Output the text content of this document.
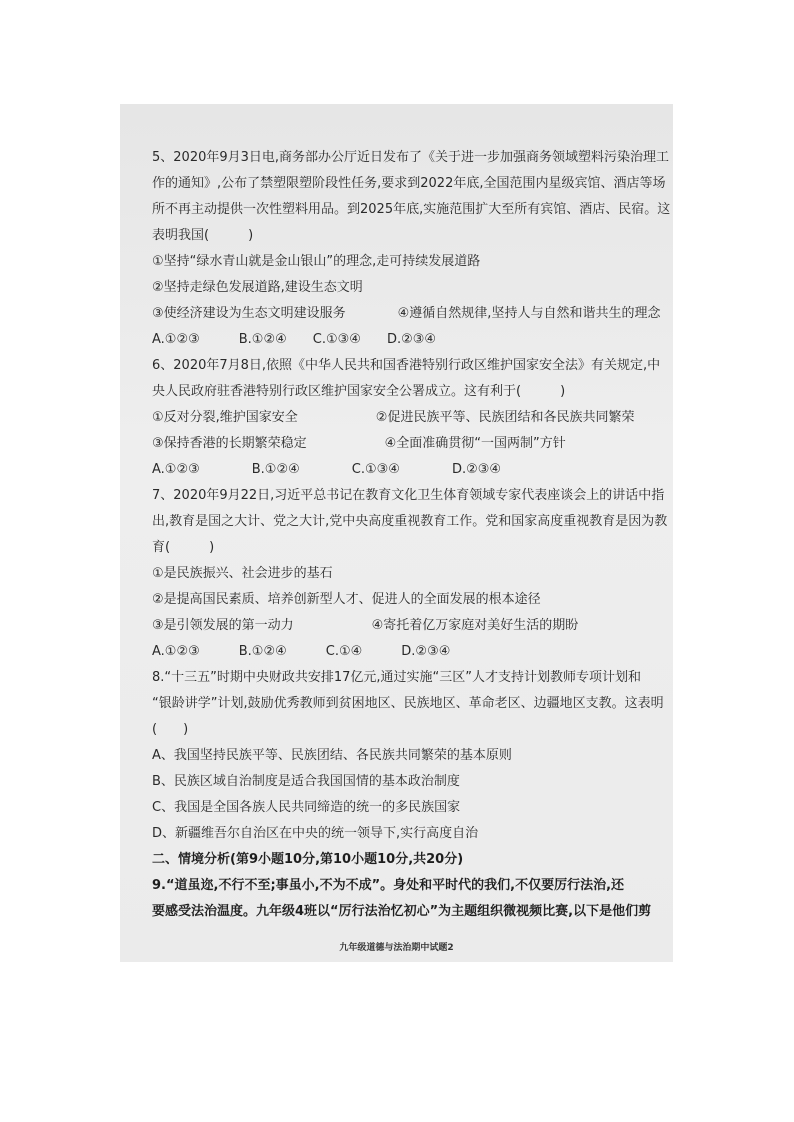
5、2020年9月3日电,商务部办公厅近日发布了《关于进一步加强商务领域塑料污染治理工
作的通知》,公布了禁塑限塑阶段性任务,要求到2022年底,全国范围内星级宾馆、酒店等场
所不再主动提供一次性塑料用品。到2025年底,实施范围扩大至所有宾馆、酒店、民宿。这
表明我国(　　　)
①坚持“绿水青山就是金山银山”的理念,走可持续发展道路
②坚持走绿色发展道路,建设生态文明
③使经济建设为生态文明建设服务　　　　④遵循自然规律,坚持人与自然和谐共生的理念
A.①②③　　　B.①②④　　C.①③④　　D.②③④
6、2020年7月8日,依照《中华人民共和国香港特别行政区维护国家安全法》有关规定,中
央人民政府驻香港特别行政区维护国家安全公署成立。这有利于(　　　)
①反对分裂,维护国家安全　　　　　　②促进民族平等、民族团结和各民族共同繁荣
③保持香港的长期繁荣稳定　　　　　　④全面准确贯彻“一国两制”方针
A.①②③　　　　B.①②④　　　　C.①③④　　　　D.②③④
7、2020年9月22日,习近平总书记在教育文化卫生体育领域专家代表座谈会上的讲话中指
出,教育是国之大计、党之大计,党中央高度重视教育工作。党和国家高度重视教育是因为教
育(　　　)
①是民族振兴、社会进步的基石
②是提高国民素质、培养创新型人才、促进人的全面发展的根本途径
③是引领发展的第一动力　　　　　　④寄托着亿万家庭对美好生活的期盼
A.①②③　　　B.①②④　　　C.①④　　　D.②③④
8.“十三五”时期中央财政共安排17亿元,通过实施“三区”人才支持计划教师专项计划和
“银龄讲学”计划,鼓励优秀教师到贫困地区、民族地区、革命老区、边疆地区支教。这表明
(　　)
A、我国坚持民族平等、民族团结、各民族共同繁荣的基本原则
B、民族区域自治制度是适合我国国情的基本政治制度
C、我国是全国各族人民共同缔造的统一的多民族国家
D、新疆维吾尔自治区在中央的统一领导下,实行高度自治
二、情境分析(第9小题10分,第10小题10分,共20分)
9.“道虽迩,不行不至;事虽小,不为不成”。身处和平时代的我们,不仅要厉行法治,还
要感受法治温度。九年级4班以“厉行法治忆初心”为主题组织微视频比赛,以下是他们剪
九年级道德与法治期中试题2
